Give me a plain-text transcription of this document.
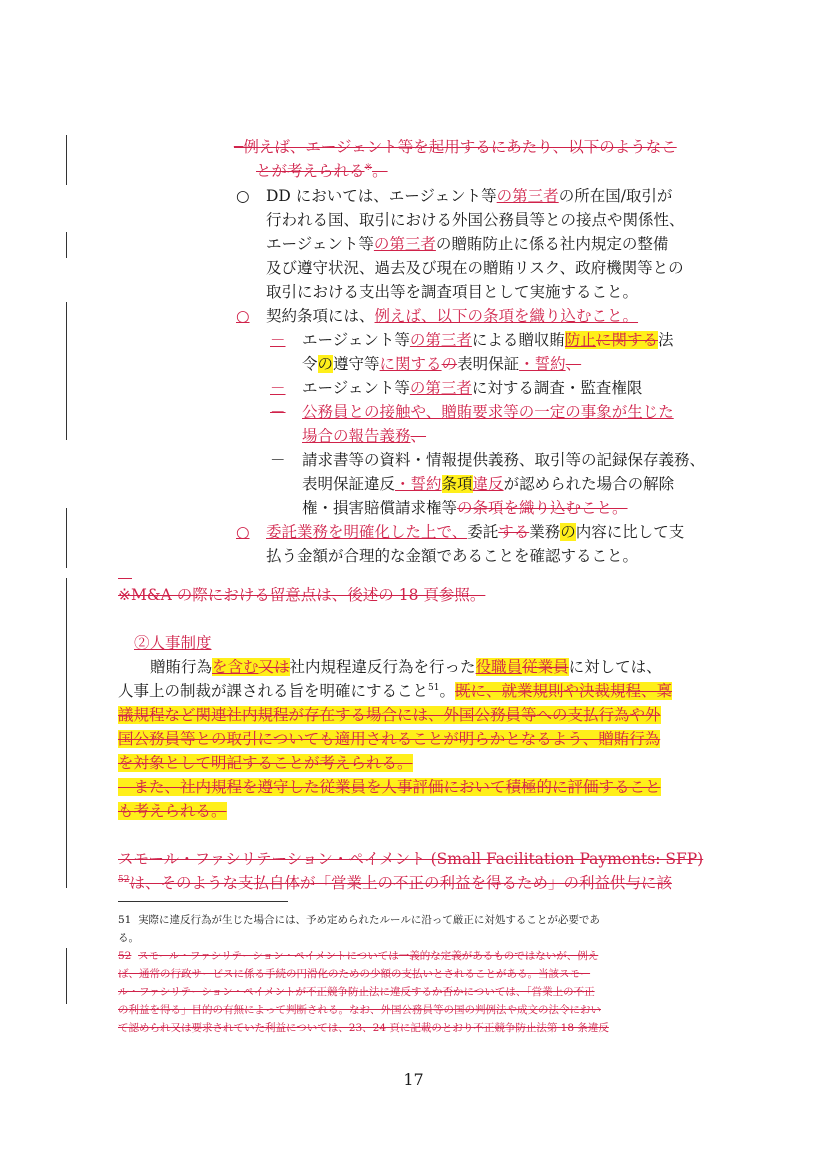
─例えば、エージェント等を起用するにあたり、以下のようなこ
とが考えられる※。
○ DD においては、エージェント等の第三者の所在国/取引が
行われる国、取引における外国公務員等との接点や関係性、
エージェント等の第三者の贈賄防止に係る社内規定の整備
及び遵守状況、過去及び現在の贈賄リスク、政府機関等との
取引における支出等を調査項目として実施すること。
○ 契約条項には、例えば、以下の条項を織り込むこと。
－ エージェント等の第三者による贈収賄防止に関する法
令の遵守等に関するの表明保証・誓約、
－ エージェント等の第三者に対する調査・監査権限
－ 公務員との接触や、贈賄要求等の一定の事象が生じた
場合の報告義務、
－ 請求書等の資料・情報提供義務、取引等の記録保存義務、
表明保証違反・誓約条項違反が認められた場合の解除
権・損害賠償請求権等の条項を織り込むこと。
○ 委託業務を明確化した上で、委託する業務の内容に比して支
払う金額が合理的な金額であることを確認すること。
※M&A の際における留意点は、後述の 18 頁参照。
②人事制度
贈賄行為を含む又は社内規程違反行為を行った役職員従業員に対しては、
人事上の制裁が課される旨を明確にすること$^{51}$。既に、就業規則や決裁規程、稟
議規程など関連社内規程が存在する場合には、外国公務員等への支払行為や外
国公務員等との取引についても適用されることが明らかとなるよう、贈賄行為
を対象として明記することが考えられる。
　また、社内規程を遵守した従業員を人事評価において積極的に評価すること
も考えられる。
スモール・ファシリテーション・ペイメント (Small Facilitation Payments: SFP)
$^{52}$は、そのような支払自体が「営業上の不正の利益を得るため」の利益供与に該
51 実際に違反行為が生じた場合には、予め定められたルールに沿って厳正に対処することが必要であ
る。
52 スモール・ファシリテーション・ペイメントについては一義的な定義があるものではないが、例え
ば、通常の行政サービスに係る手続の円滑化のための少額の支払いとされることがある。当該スモー
ル・ファシリテーション・ペイメントが不正競争防止法に違反するか否かについては、「営業上の不正
の利益を得る」目的の有無によって判断される。なお、外国公務員等の国の判例法や成文の法令におい
て認められ又は要求されていた利益については、23、24 頁に記載のとおり不正競争防止法第 18 条違反
17
